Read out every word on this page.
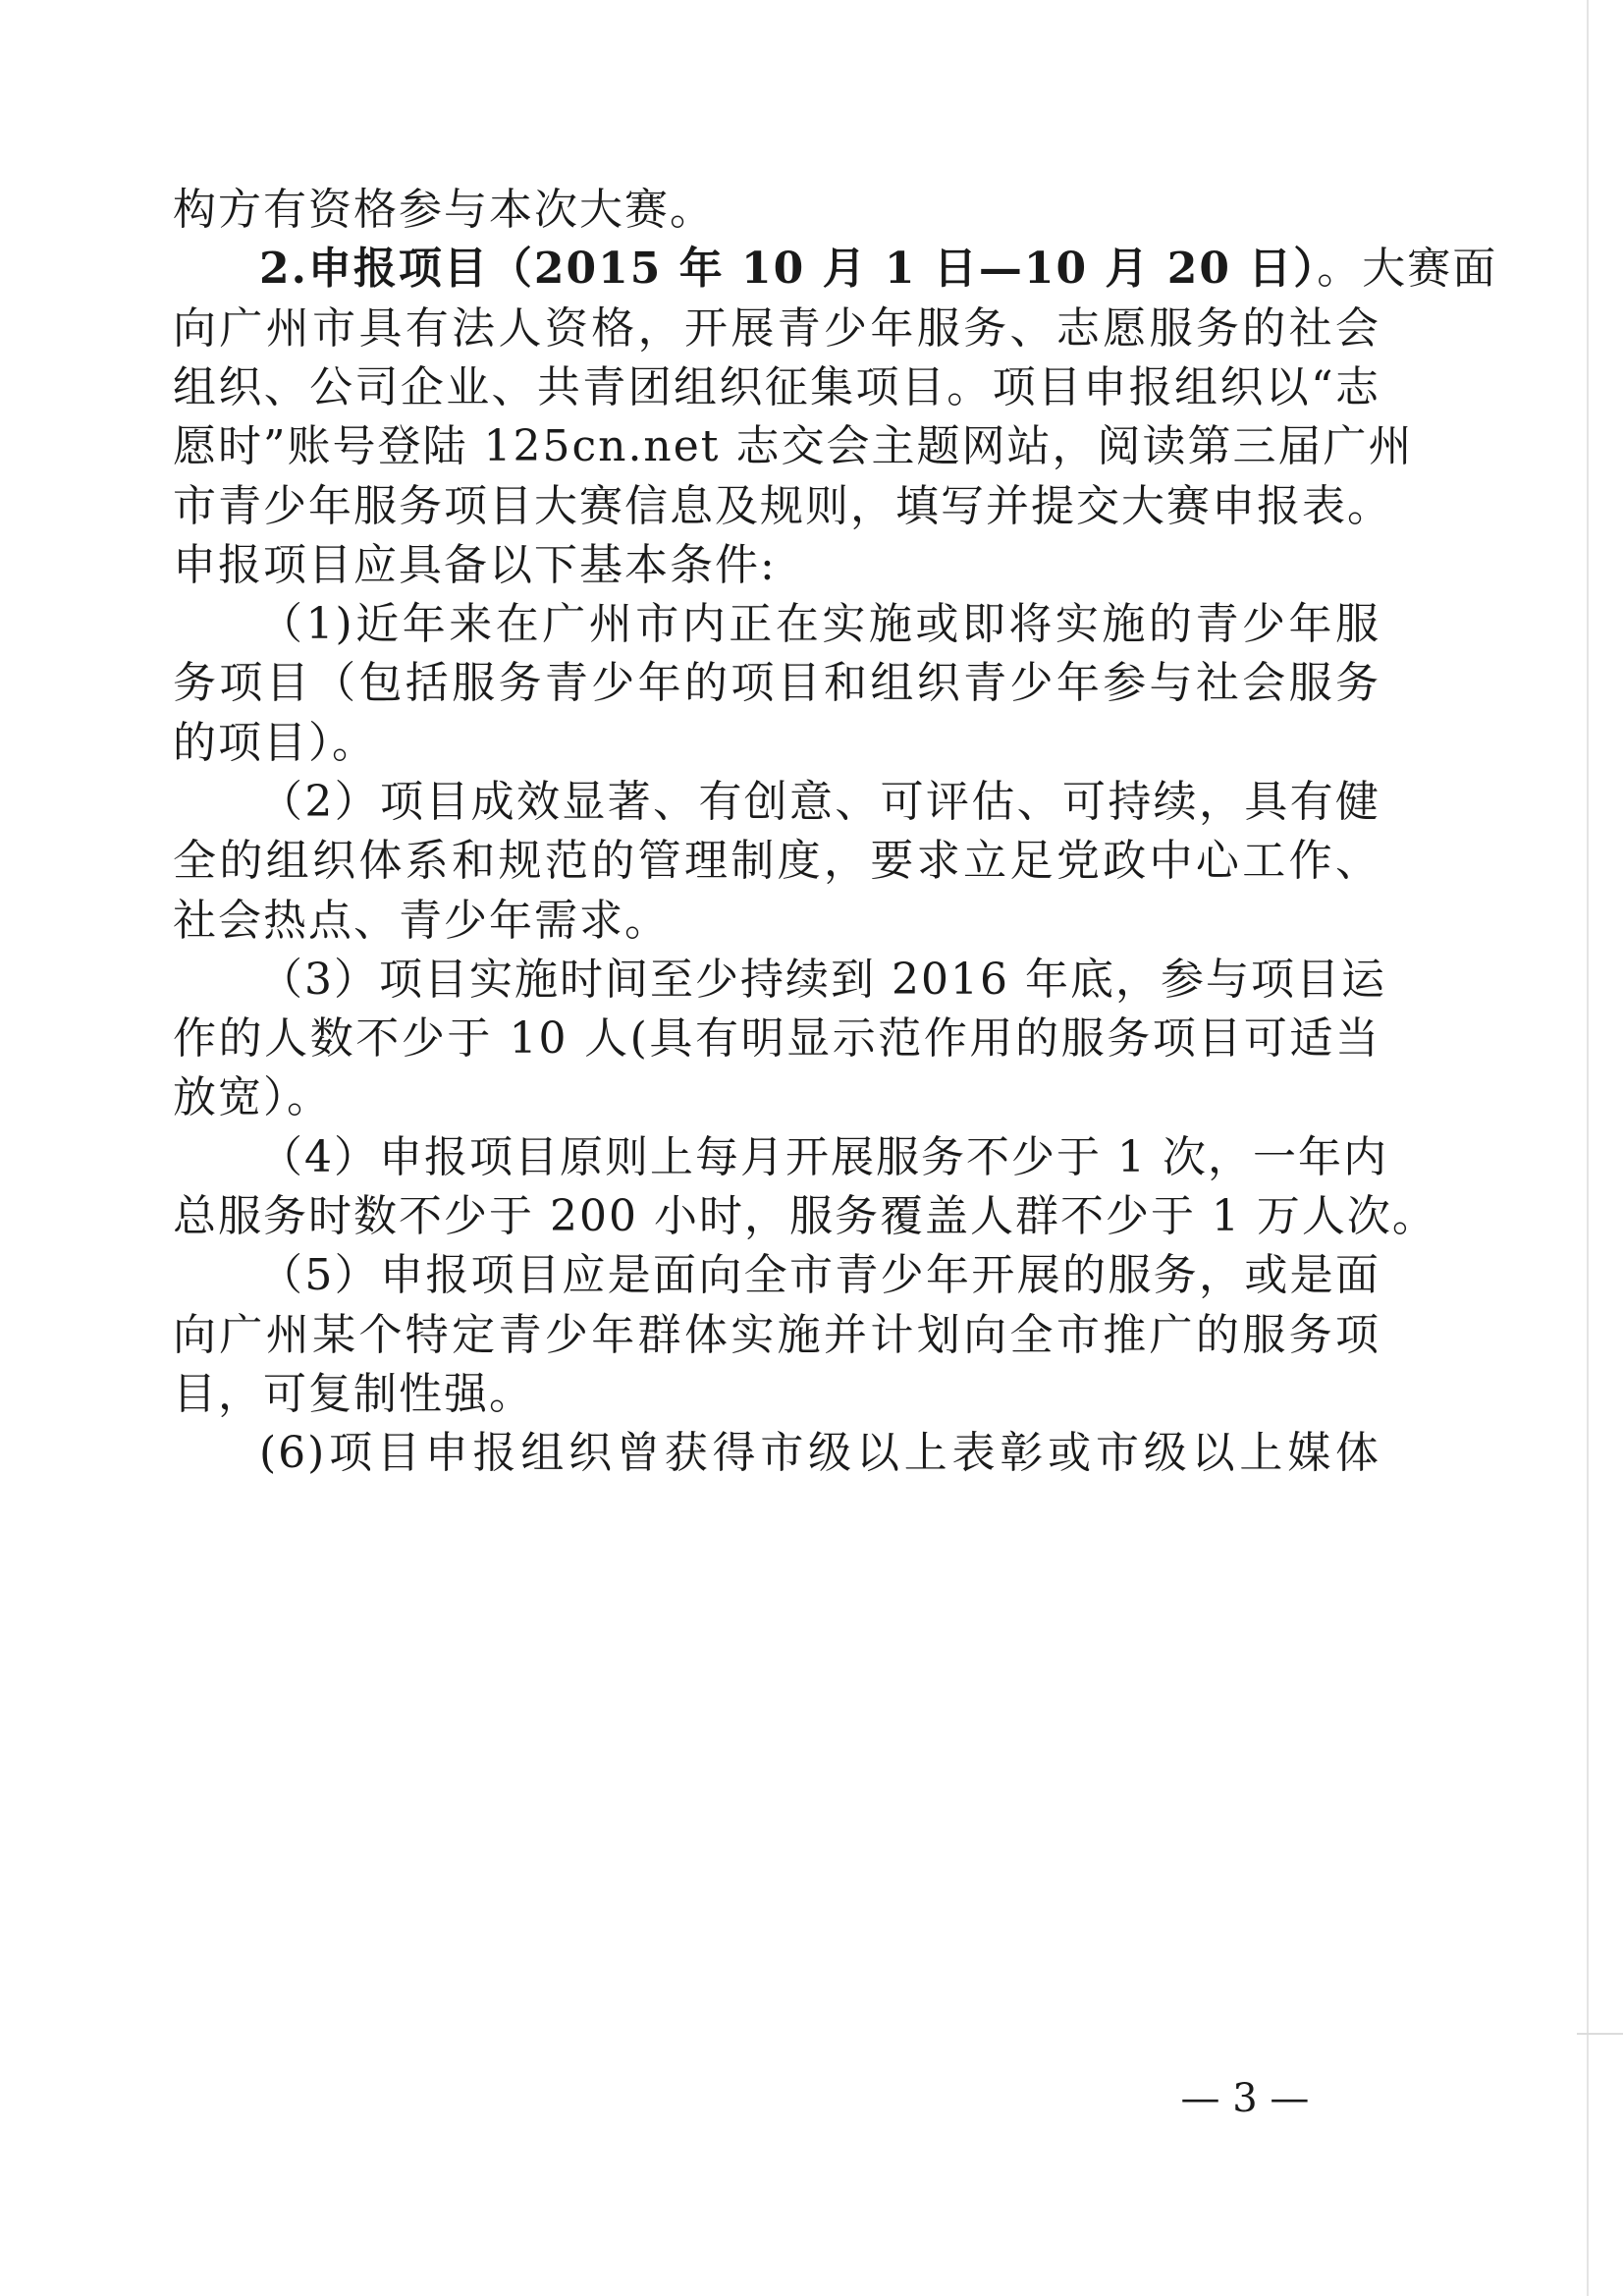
构方有资格参与本次大赛。
2.申报项目（2015 年 10 月 1 日—10 月 20 日）。大赛面
向广州市具有法人资格，开展青少年服务、志愿服务的社会
组织、公司企业、共青团组织征集项目。项目申报组织以“志
愿时”账号登陆 125cn.net 志交会主题网站，阅读第三届广州
市青少年服务项目大赛信息及规则，填写并提交大赛申报表。
申报项目应具备以下基本条件:
（1)近年来在广州市内正在实施或即将实施的青少年服
务项目（包括服务青少年的项目和组织青少年参与社会服务
的项目）。
（2）项目成效显著、有创意、可评估、可持续，具有健
全的组织体系和规范的管理制度，要求立足党政中心工作、
社会热点、青少年需求。
（3）项目实施时间至少持续到 2016 年底，参与项目运
作的人数不少于 10 人(具有明显示范作用的服务项目可适当
放宽）。
（4）申报项目原则上每月开展服务不少于 1 次，一年内
总服务时数不少于 200 小时，服务覆盖人群不少于 1 万人次。
（5）申报项目应是面向全市青少年开展的服务，或是面
向广州某个特定青少年群体实施并计划向全市推广的服务项
目，可复制性强。
(6)项目申报组织曾获得市级以上表彰或市级以上媒体
— 3 —
